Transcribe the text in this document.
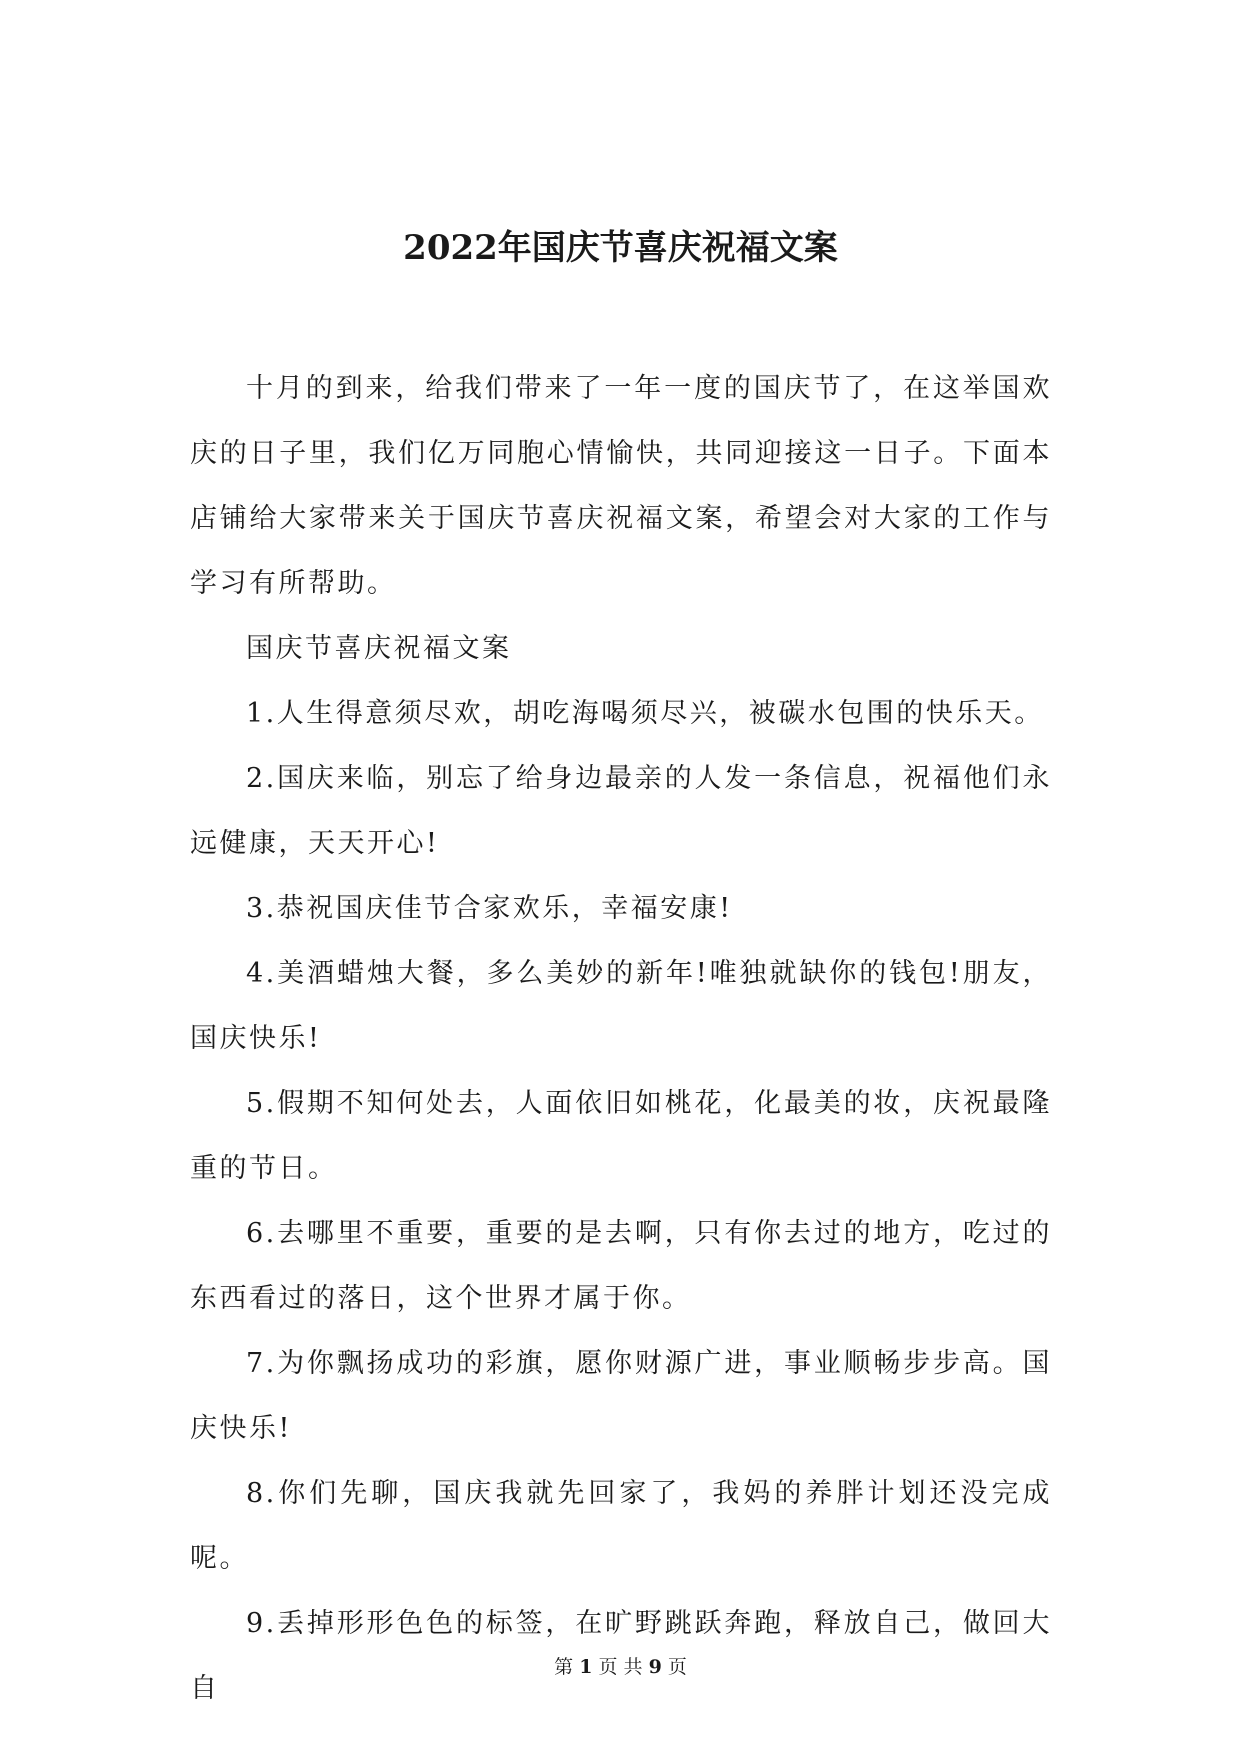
2022年国庆节喜庆祝福文案

十月的到来，给我们带来了一年一度的国庆节了，在这举国欢庆的日子里，我们亿万同胞心情愉快，共同迎接这一日子。下面本店铺给大家带来关于国庆节喜庆祝福文案，希望会对大家的工作与学习有所帮助。

国庆节喜庆祝福文案

1.人生得意须尽欢，胡吃海喝须尽兴，被碳水包围的快乐天。

2.国庆来临，别忘了给身边最亲的人发一条信息，祝福他们永远健康，天天开心!

3.恭祝国庆佳节合家欢乐，幸福安康!

4.美酒蜡烛大餐，多么美妙的新年!唯独就缺你的钱包!朋友，国庆快乐!

5.假期不知何处去，人面依旧如桃花，化最美的妆，庆祝最隆重的节日。

6.去哪里不重要，重要的是去啊，只有你去过的地方，吃过的东西看过的落日，这个世界才属于你。

7.为你飘扬成功的彩旗，愿你财源广进，事业顺畅步步高。国庆快乐!

8.你们先聊，国庆我就先回家了，我妈的养胖计划还没完成呢。

9.丢掉形形色色的标签，在旷野跳跃奔跑，释放自己，做回大自

第 1 页 共 9 页
